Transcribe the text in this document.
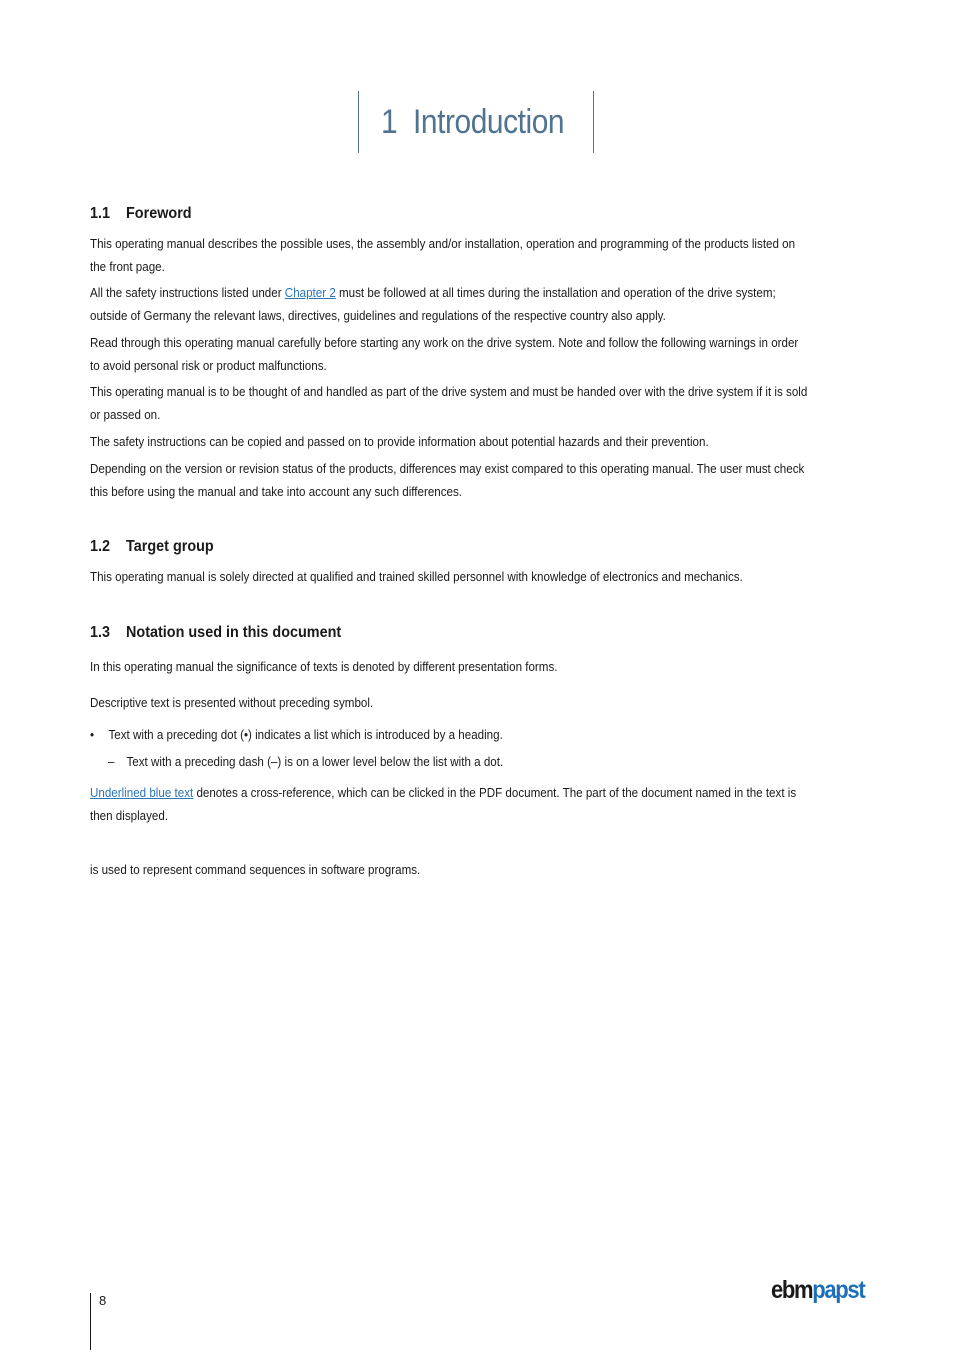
1 Introduction
1.1 Foreword

This operating manual describes the possible uses, the assembly and/or installation, operation and programming of the products listed on
the front page.

All the safety instructions listed under Chapter 2 must be followed at all times during the installation and operation of the drive system;
outside of Germany the relevant laws, directives, guidelines and regulations of the respective country also apply.

Read through this operating manual carefully before starting any work on the drive system. Note and follow the following warnings in order
to avoid personal risk or product malfunctions.

This operating manual is to be thought of and handled as part of the drive system and must be handed over with the drive system if it is sold
or passed on.

The safety instructions can be copied and passed on to provide information about potential hazards and their prevention.

Depending on the version or revision status of the products, differences may exist compared to this operating manual. The user must check
this before using the manual and take into account any such differences.

1.2 Target group

This operating manual is solely directed at qualified and trained skilled personnel with knowledge of electronics and mechanics.

1.3 Notation used in this document

In this operating manual the significance of texts is denoted by different presentation forms.

Descriptive text is presented without preceding symbol.

• Text with a preceding dot (•) indicates a list which is introduced by a heading.
– Text with a preceding dash (–) is on a lower level below the list with a dot.

Underlined blue text denotes a cross-reference, which can be clicked in the PDF document. The part of the document named in the text is
then displayed.

is used to represent command sequences in software programs.

8	ebmpapst
